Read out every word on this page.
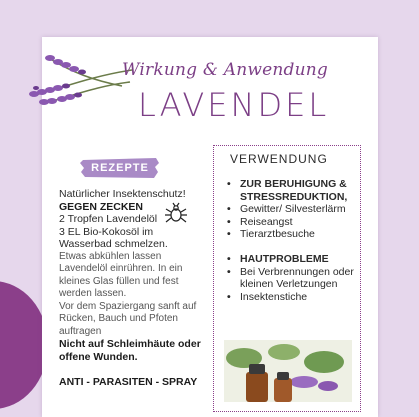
Wirkung & Anwendung
LAVENDEL
REZEPTE

Natürlicher Insektenschutz!

GEGEN ZECKEN

2 Tropfen Lavendelöl

3 EL Bio-Kokosöl im Wasserbad schmelzen.

Etwas abkühlen lassen Lavendelöl einrühren. In ein kleines Glas füllen und fest werden lassen.

Vor dem Spaziergang sanft auf Rücken, Bauch und Pfoten auftragen

Nicht auf Schleimhäute oder offene Wunden.

ANTI - PARASITEN - SPRAY

VERWENDUNG
• ZUR BERUHIGUNG & STRESSREDUKTION,
• Gewitter/ Silvesterlärm
• Reiseangst
• Tierarztbesuche
• HAUTPROBLEME
• Bei Verbrennungen oder kleinen Verletzungen
• Insektenstiche
